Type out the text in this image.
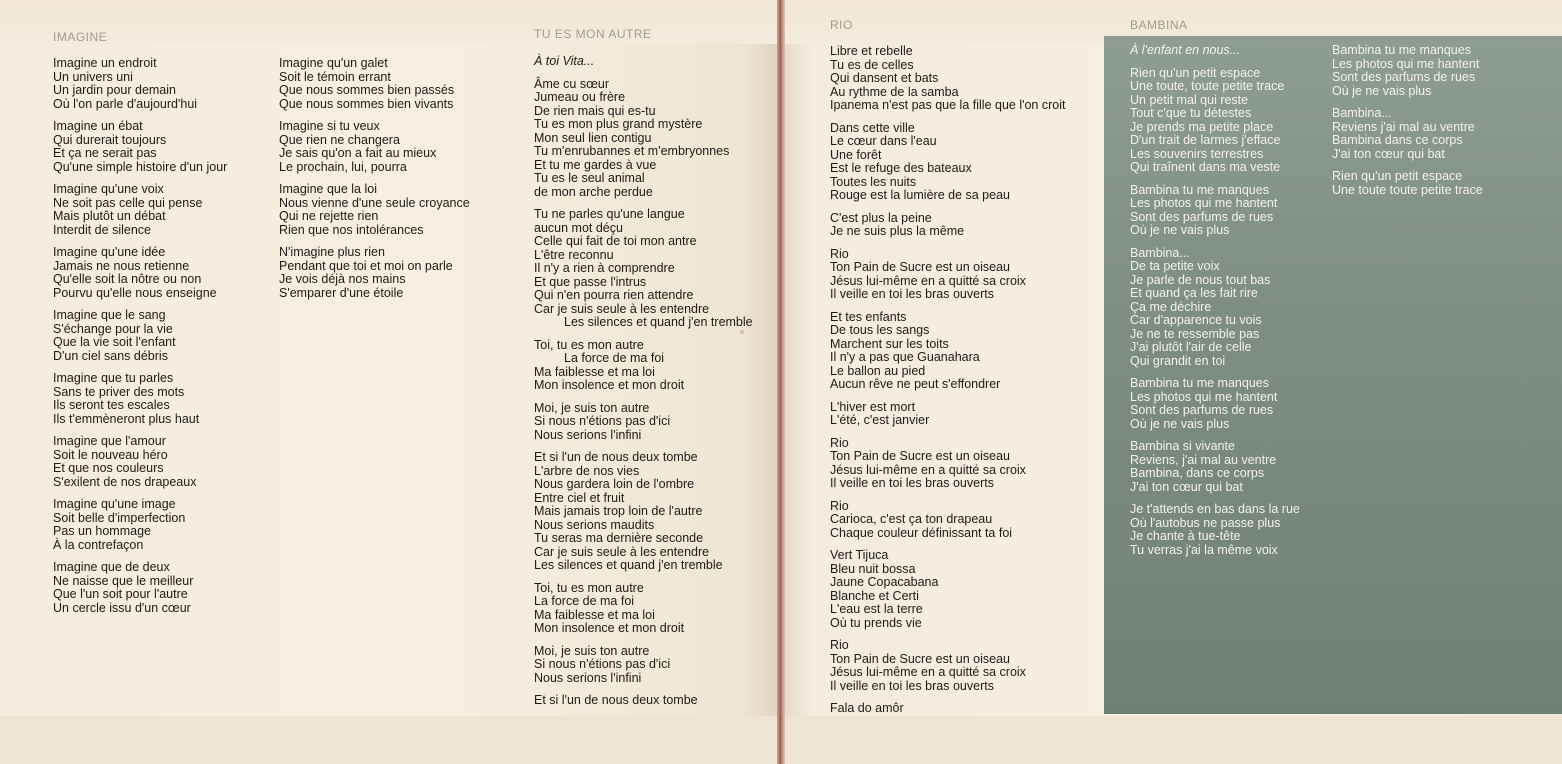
IMAGINE
Imagine un endroit
Un univers uni
Un jardin pour demain
Où l'on parle d'aujourd'hui
Imagine un ébat
Qui durerait toujours
Et ça ne serait pas
Qu'une simple histoire d'un jour
Imagine qu'une voix
Ne soit pas celle qui pense
Mais plutôt un débat
Interdit de silence
Imagine qu'une idée
Jamais ne nous retienne
Qu'elle soit la nôtre ou non
Pourvu qu'elle nous enseigne
Imagine que le sang
S'échange pour la vie
Que la vie soit l'enfant
D'un ciel sans débris
Imagine que tu parles
Sans te priver des mots
Ils seront tes escales
Ils t'emmèneront plus haut
Imagine que l'amour
Soit le nouveau héro
Et que nos couleurs
S'exilent de nos drapeaux
Imagine qu'une image
Soit belle d'imperfection
Pas un hommage
À la contrefaçon
Imagine que de deux
Ne naisse que le meilleur
Que l'un soit pour l'autre
Un cercle issu d'un cœur
Imagine qu'un galet
Soit le témoin errant
Que nous sommes bien passés
Que nous sommes bien vivants
Imagine si tu veux
Que rien ne changera
Je sais qu'on a fait au mieux
Le prochain, lui, pourra
Imagine que la loi
Nous vienne d'une seule croyance
Qui ne rejette rien
Rien que nos intolérances
N'imagine plus rien
Pendant que toi et moi on parle
Je vois déjà nos mains
S'emparer d'une étoile
TU ES MON AUTRE
À toi Vita...
Âme cu sœur
Jumeau ou frère
De rien mais qui es-tu
Tu es mon plus grand mystère
Mon seul lien contigu
Tu m'enrubannes et m'embryonnes
Et tu me gardes à vue
Tu es le seul animal
de mon arche perdue
Tu ne parles qu'une langue
aucun mot déçu
Celle qui fait de toi mon antre
L'être reconnu
Il n'y a rien à comprendre
Et que passe l'intrus
Qui n'en pourra rien attendre
Car je suis seule à les entendre
Les silences et quand j'en tremble
Toi, tu es mon autre
La force de ma foi
Ma faiblesse et ma loi
Mon insolence et mon droit
Moi, je suis ton autre
Si nous n'étions pas d'ici
Nous serions l'infini
Et si l'un de nous deux tombe
L'arbre de nos vies
Nous gardera loin de l'ombre
Entre ciel et fruit
Mais jamais trop loin de l'autre
Nous serions maudits
Tu seras ma dernière seconde
Car je suis seule à les entendre
Les silences et quand j'en tremble
Toi, tu es mon autre
La force de ma foi
Ma faiblesse et ma loi
Mon insolence et mon droit
Moi, je suis ton autre
Si nous n'étions pas d'ici
Nous serions l'infini
Et si l'un de nous deux tombe
RIO
Libre et rebelle
Tu es de celles
Qui dansent et bats
Au rythme de la samba
Ipanema n'est pas que la fille que l'on croit
Dans cette ville
Le cœur dans l'eau
Une forêt
Est le refuge des bateaux
Toutes les nuits
Rouge est la lumière de sa peau
C'est plus la peine
Je ne suis plus la même
Rio
Ton Pain de Sucre est un oiseau
Jésus lui-même en a quitté sa croix
Il veille en toi les bras ouverts
Et tes enfants
De tous les sangs
Marchent sur les toits
Il n'y a pas que Guanahara
Le ballon au pied
Aucun rêve ne peut s'effondrer
L'hiver est mort
L'été, c'est janvier
Rio
Ton Pain de Sucre est un oiseau
Jésus lui-même en a quitté sa croix
Il veille en toi les bras ouverts
Rio
Carioca, c'est ça ton drapeau
Chaque couleur définissant ta foi
Vert Tijuca
Bleu nuit bossa
Jaune Copacabana
Blanche et Certi
L'eau est la terre
Où tu prends vie
Rio
Ton Pain de Sucre est un oiseau
Jésus lui-même en a quitté sa croix
Il veille en toi les bras ouverts
Fala do amôr
BAMBINA
À l'enfant en nous...
Rien qu'un petit espace
Une toute, toute petite trace
Un petit mal qui reste
Tout c'que tu détestes
Je prends ma petite place
D'un trait de larmes j'efface
Les souvenirs terrestres
Qui traînent dans ma veste
Bambina tu me manques
Les photos qui me hantent
Sont des parfums de rues
Où je ne vais plus
Bambina...
De ta petite voix
Je parle de nous tout bas
Et quand ça les fait rire
Ça me déchire
Car d'apparence tu vois
Je ne te ressemble pas
J'ai plutôt l'air de celle
Qui grandit en toi
Bambina tu me manques
Les photos qui me hantent
Sont des parfums de rues
Où je ne vais plus
Bambina si vivante
Reviens, j'ai mal au ventre
Bambina, dans ce corps
J'ai ton cœur qui bat
Je t'attends en bas dans la rue
Où l'autobus ne passe plus
Je chante à tue-tête
Tu verras j'ai la même voix
Bambina tu me manques
Les photos qui me hantent
Sont des parfums de rues
Où je ne vais plus
Bambina...
Reviens j'ai mal au ventre
Bambina dans ce corps
J'ai ton cœur qui bat
Rien qu'un petit espace
Une toute toute petite trace
